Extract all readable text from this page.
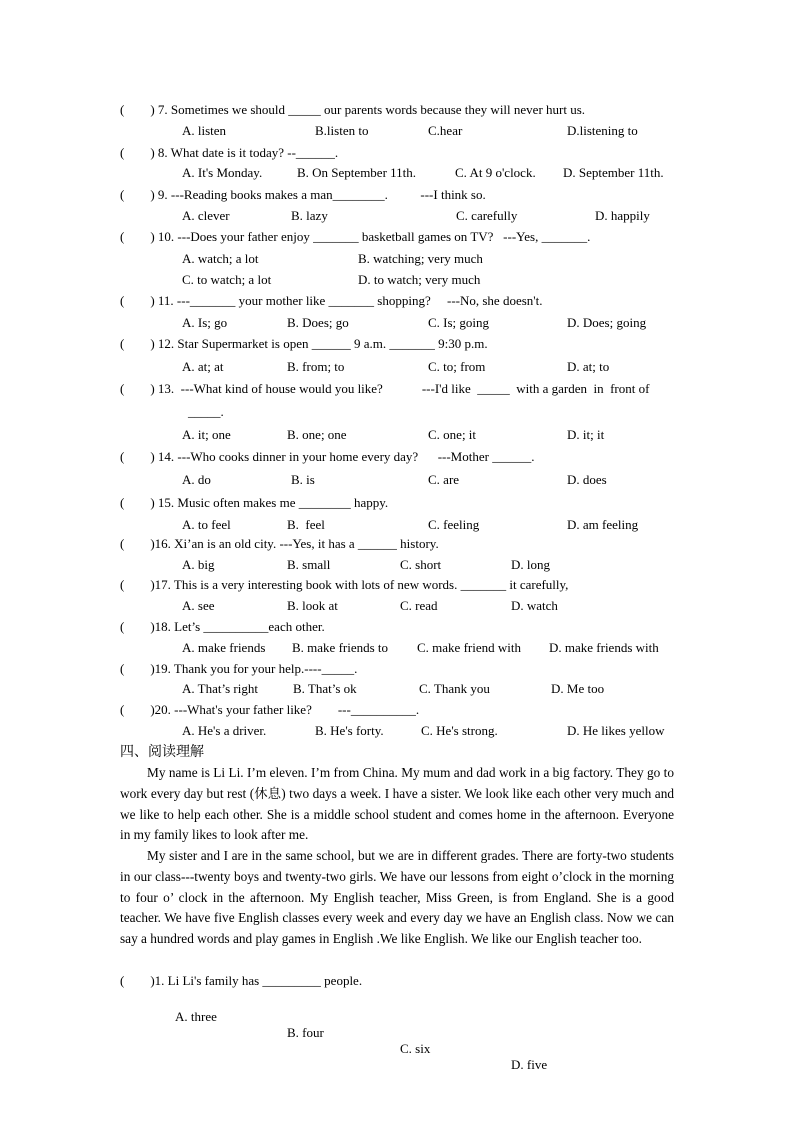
(        ) 7. Sometimes we should _____ our parents words because they will never hurt us.
A. listen	B.listen to	C.hear	D.listening to
(        ) 8. What date is it today? --______.
A. It's Monday.	B. On September 11th.	C. At 9 o'clock. D. September 11th.
(        ) 9. ---Reading books makes a man________.          ---I think so.
A. clever	B. lazy	C. carefully	D. happily
(        ) 10. ---Does your father enjoy _______ basketball games on TV?   ---Yes, _______.
A. watch; a lot	B. watching; very much
C. to watch; a lot	D. to watch; very much
(        ) 11. ---_______ your mother like _______ shopping?     ---No, she doesn't.
A. Is; go	B. Does; go	C. Is; going	D. Does; going
(        ) 12. Star Supermarket is open ______ 9 a.m. _______ 9:30 p.m.
A. at; at	B. from; to	C. to; from	D. at; to
(        ) 13.  ---What kind of house would you like?            ---I'd like  _____  with a garden  in  front of
_____.
A. it; one	B. one; one	C. one; it	D. it; it
(        ) 14. ---Who cooks dinner in your home every day?      ---Mother ______.
A. do	B. is	C. are	D. does
(        ) 15. Music often makes me ________ happy.
A. to feel	B.  feel	C. feeling	D. am feeling
(        )16. Xi’an is an old city. ---Yes, it has a ______ history.
A. big	B. small	C. short	D. long
(        )17. This is a very interesting book with lots of new words. _______ it carefully,
A. see	B. look at	C. read	D. watch
(        )18. Let’s __________each other.
A. make friends B. make friends to C. make friend with D. make friends with
(        )19. Thank you for your help.----_____.
A. That’s right	B. That’s ok	C. Thank you	D. Me too
(        )20. ---What's your father like?        ---__________.
A. He's a driver.	B. He's forty.	C. He's strong.	D. He likes yellow
四、阅读理解
My name is Li Li. I’m eleven. I’m from China. My mum and dad work in a big factory. They go to work every day but rest (休息) two days a week. I have a sister. We look like each other very much and we like to help each other. She is a middle school student and comes home in the afternoon. Everyone in my family likes to look after me.
My sister and I are in the same school, but we are in different grades. There are forty-two students in our class---twenty boys and twenty-two girls. We have our lessons from eight o’clock in the morning to four o’ clock in the afternoon. My English teacher, Miss Green, is from England. She is a good teacher. We have five English classes every week and every day we have an English class. Now we can say a hundred words and play games in English .We like English. We like our English teacher too.
(        )1. Li Li's family has _________ people.

A. three

B. four

C. six

D. five
